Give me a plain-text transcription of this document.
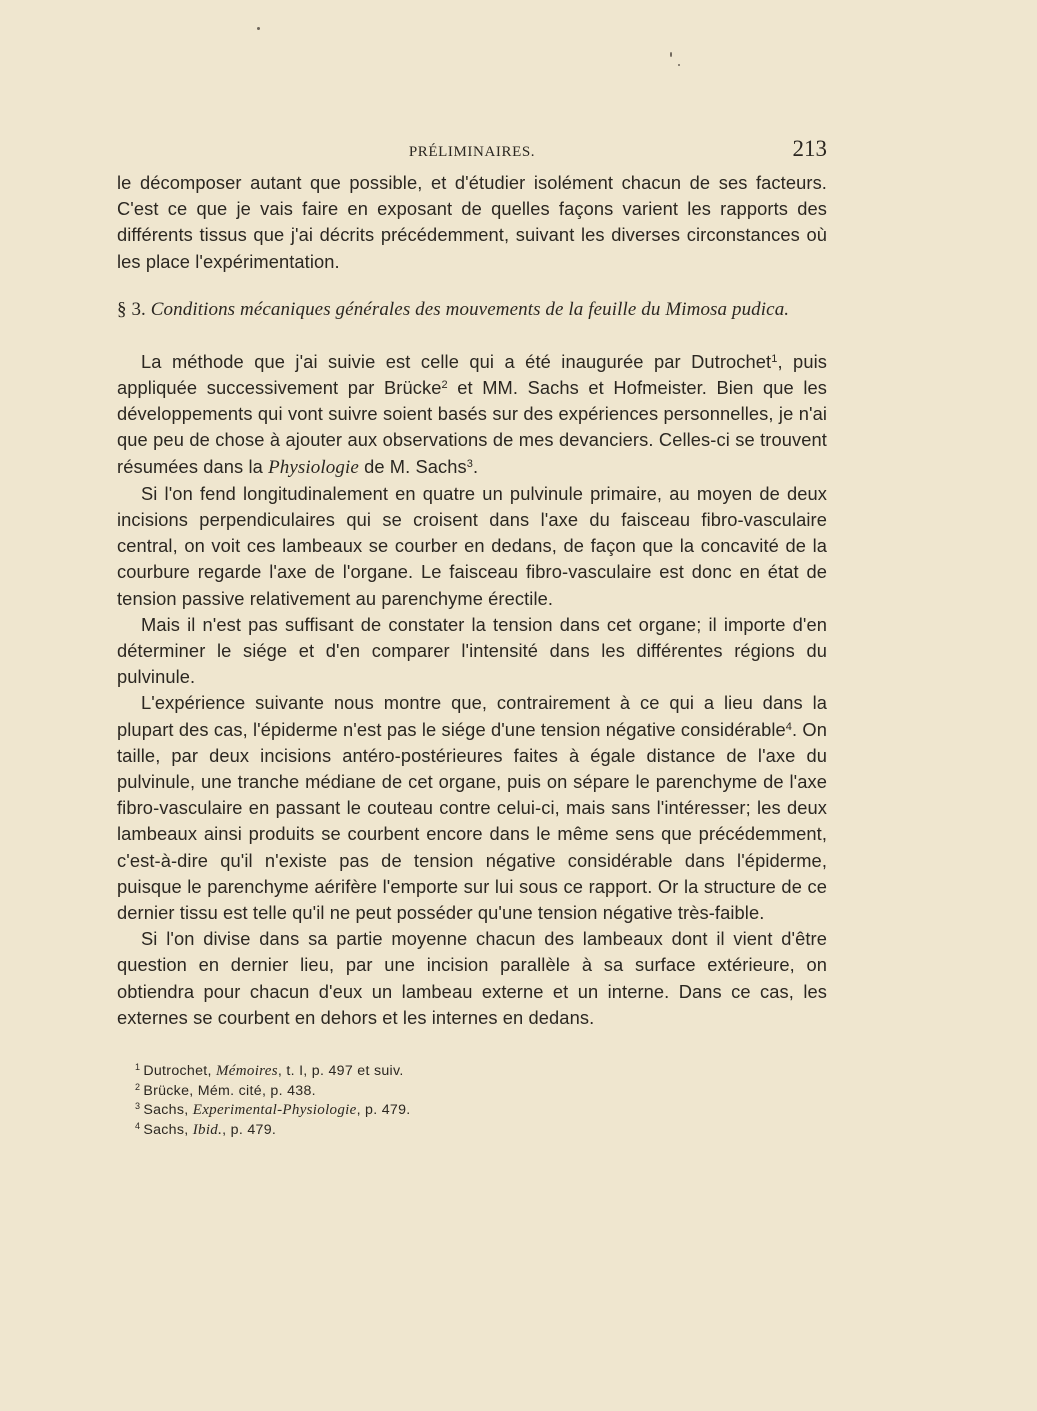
PRÉLIMINAIRES.	213

le décomposer autant que possible, et d'étudier isolément chacun de ses facteurs. C'est ce que je vais faire en exposant de quelles façons varient les rapports des différents tissus que j'ai décrits précédemment, suivant les diverses circonstances où les place l'expérimentation.

§ 3. Conditions mécaniques générales des mouvements de la feuille du Mimosa pudica.

La méthode que j'ai suivie est celle qui a été inaugurée par Dutrochet$^1$, puis appliquée successivement par Brücke$^2$ et MM. Sachs et Hofmeister. Bien que les développements qui vont suivre soient basés sur des expériences personnelles, je n'ai que peu de chose à ajouter aux observations de mes devanciers. Celles-ci se trouvent résumées dans la Physiologie de M. Sachs$^3$.

Si l'on fend longitudinalement en quatre un pulvinule primaire, au moyen de deux incisions perpendiculaires qui se croisent dans l'axe du faisceau fibro-vasculaire central, on voit ces lambeaux se courber en dedans, de façon que la concavité de la courbure regarde l'axe de l'organe. Le faisceau fibro-vasculaire est donc en état de tension passive relativement au parenchyme érectile.

Mais il n'est pas suffisant de constater la tension dans cet organe; il importe d'en déterminer le siége et d'en comparer l'intensité dans les différentes régions du pulvinule.

L'expérience suivante nous montre que, contrairement à ce qui a lieu dans la plupart des cas, l'épiderme n'est pas le siége d'une tension négative considérable$^4$. On taille, par deux incisions antéro-postérieures faites à égale distance de l'axe du pulvinule, une tranche médiane de cet organe, puis on sépare le parenchyme de l'axe fibro-vasculaire en passant le couteau contre celui-ci, mais sans l'intéresser; les deux lambeaux ainsi produits se courbent encore dans le même sens que précédemment, c'est-à-dire qu'il n'existe pas de tension négative considérable dans l'épiderme, puisque le parenchyme aérifère l'emporte sur lui sous ce rapport. Or la structure de ce dernier tissu est telle qu'il ne peut posséder qu'une tension négative très-faible.

Si l'on divise dans sa partie moyenne chacun des lambeaux dont il vient d'être question en dernier lieu, par une incision parallèle à sa surface extérieure, on obtiendra pour chacun d'eux un lambeau externe et un interne. Dans ce cas, les externes se courbent en dehors et les internes en dedans.

$^1$ Dutrochet, Mémoires, t. I, p. 497 et suiv.

$^2$ Brücke, Mém. cité, p. 438.

$^3$ Sachs, Experimental-Physiologie, p. 479.

$^4$ Sachs, Ibid., p. 479.
